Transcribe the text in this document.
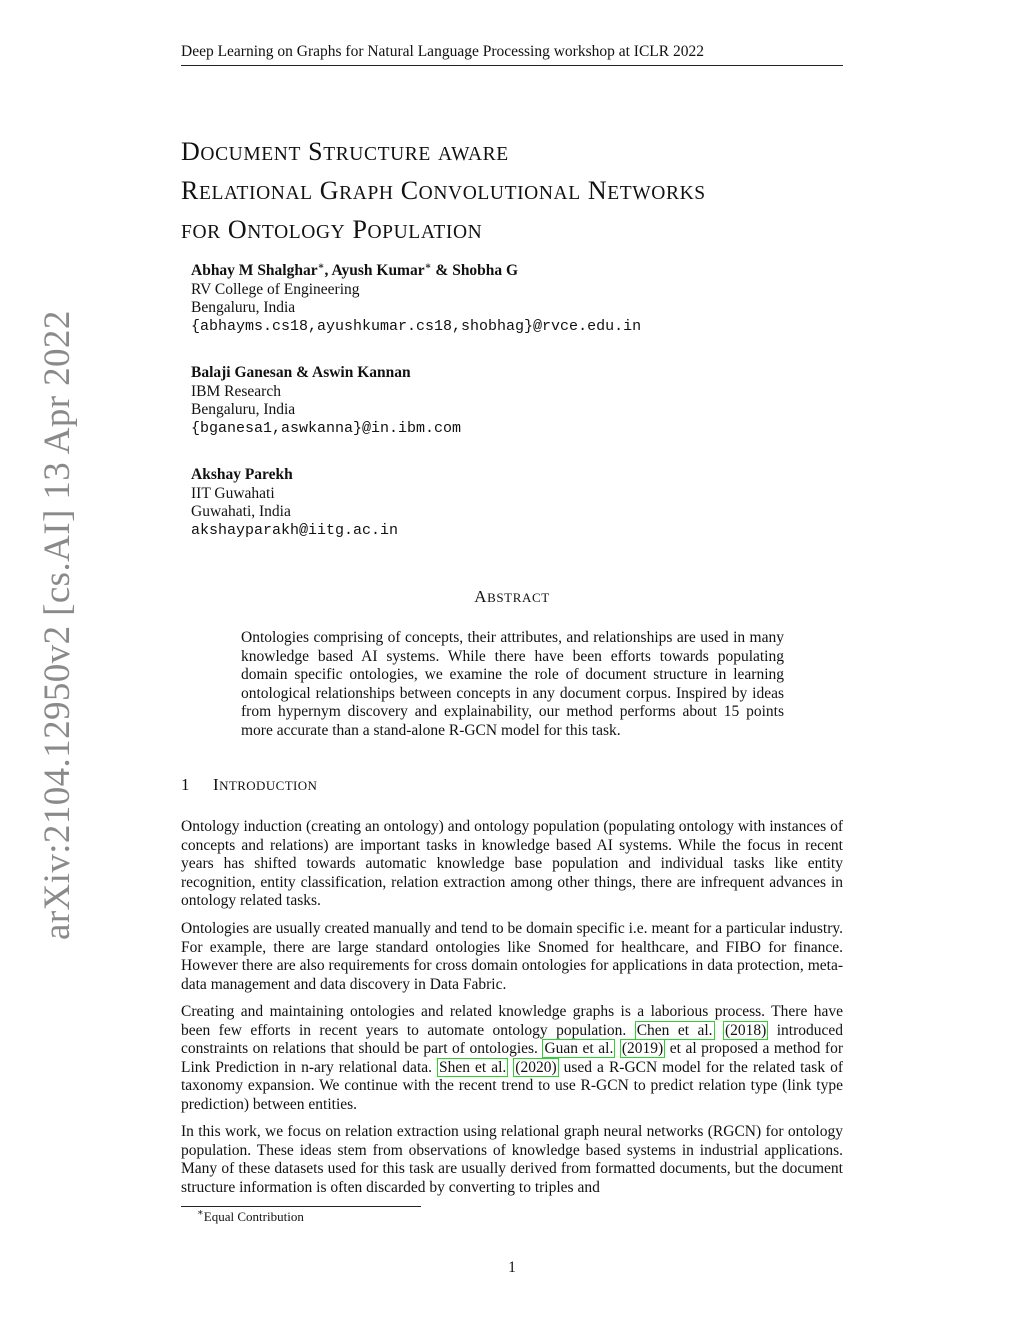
arXiv:2104.12950v2 [cs.AI] 13 Apr 2022
Deep Learning on Graphs for Natural Language Processing workshop at ICLR 2022
DOCUMENT STRUCTURE AWARE
RELATIONAL GRAPH CONVOLUTIONAL NETWORKS
FOR ONTOLOGY POPULATION
Abhay M Shalghar∗, Ayush Kumar∗ & Shobha G
RV College of Engineering
Bengaluru, India
{abhayms.cs18,ayushkumar.cs18,shobhag}@rvce.edu.in
Balaji Ganesan & Aswin Kannan
IBM Research
Bengaluru, India
{bganesa1,aswkanna}@in.ibm.com
Akshay Parekh
IIT Guwahati
Guwahati, India
akshayparakh@iitg.ac.in
ABSTRACT
Ontologies comprising of concepts, their attributes, and relationships are used in many knowledge based AI systems. While there have been efforts towards populating domain specific ontologies, we examine the role of document structure in learning ontological relationships between concepts in any document corpus. Inspired by ideas from hypernym discovery and explainability, our method performs about 15 points more accurate than a stand-alone R-GCN model for this task.
1 INTRODUCTION
Ontology induction (creating an ontology) and ontology population (populating ontology with instances of concepts and relations) are important tasks in knowledge based AI systems. While the focus in recent years has shifted towards automatic knowledge base population and individual tasks like entity recognition, entity classification, relation extraction among other things, there are infrequent advances in ontology related tasks.
Ontologies are usually created manually and tend to be domain specific i.e. meant for a particular industry. For example, there are large standard ontologies like Snomed for healthcare, and FIBO for finance. However there are also requirements for cross domain ontologies for applications in data protection, meta-data management and data discovery in Data Fabric.
Creating and maintaining ontologies and related knowledge graphs is a laborious process. There have been few efforts in recent years to automate ontology population. Chen et al. (2018) introduced constraints on relations that should be part of ontologies. Guan et al. (2019) et al proposed a method for Link Prediction in n-ary relational data. Shen et al. (2020) used a R-GCN model for the related task of taxonomy expansion. We continue with the recent trend to use R-GCN to predict relation type (link type prediction) between entities.
In this work, we focus on relation extraction using relational graph neural networks (RGCN) for ontology population. These ideas stem from observations of knowledge based systems in industrial applications. Many of these datasets used for this task are usually derived from formatted documents, but the document structure information is often discarded by converting to triples and
∗Equal Contribution
1
